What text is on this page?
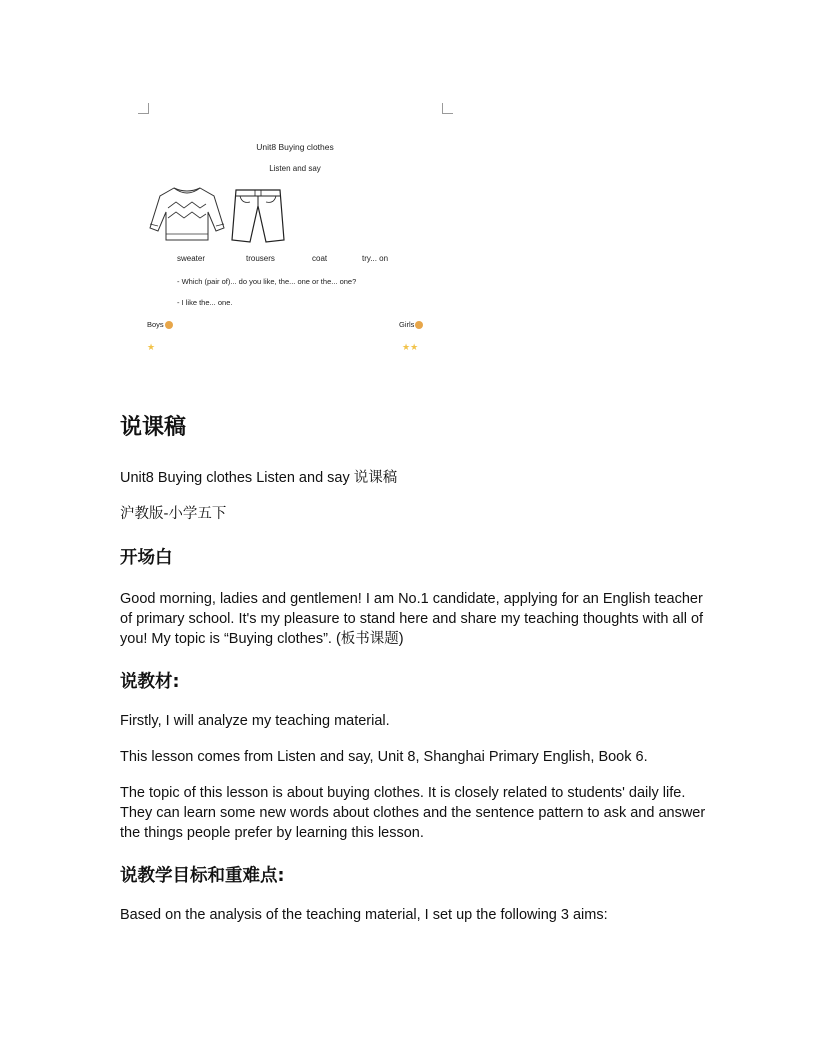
Unit8 Buying clothes
Listen and say
sweater	trousers	coat	try... on
- Which (pair of)... do you like, the... one or the... one?
- I like the... one.
Boys	Girls
★	★★
说课稿
Unit8 Buying clothes Listen and say 说课稿
沪教版-小学五下
开场白
Good morning, ladies and gentlemen! I am No.1 candidate, applying for an English teacher of primary school. It's my pleasure to stand here and share my teaching thoughts with all of you! My topic is “Buying clothes”. (板书课题)
说教材:
Firstly, I will analyze my teaching material.
This lesson comes from Listen and say, Unit 8, Shanghai Primary English, Book 6.
The topic of this lesson is about buying clothes. It is closely related to students' daily life. They can learn some new words about clothes and the sentence pattern to ask and answer the things people prefer by learning this lesson.
说教学目标和重难点:
Based on the analysis of the teaching material, I set up the following 3 aims:
